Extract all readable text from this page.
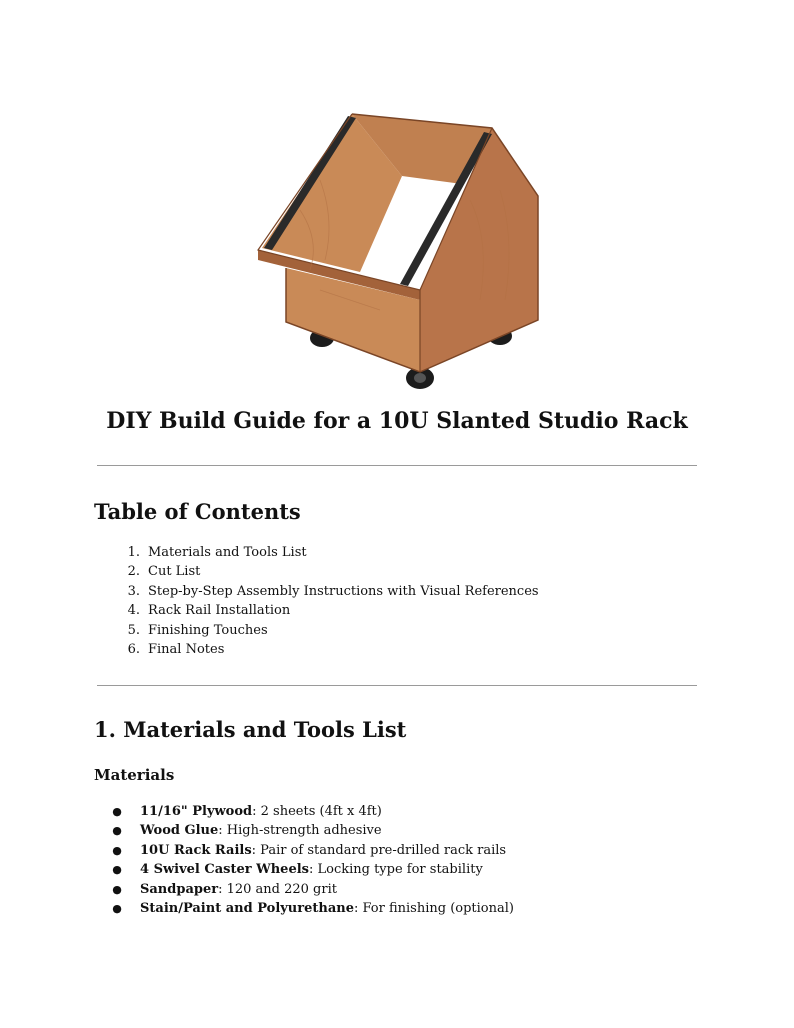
DIY Build Guide for a 10U Slanted Studio Rack
Table of Contents
1. Materials and Tools List
2. Cut List
3. Step-by-Step Assembly Instructions with Visual References
4. Rack Rail Installation
5. Finishing Touches
6. Final Notes
1. Materials and Tools List
Materials
● 11/16" Plywood: 2 sheets (4ft x 4ft)
● Wood Glue: High-strength adhesive
● 10U Rack Rails: Pair of standard pre-drilled rack rails
● 4 Swivel Caster Wheels: Locking type for stability
● Sandpaper: 120 and 220 grit
● Stain/Paint and Polyurethane: For finishing (optional)
